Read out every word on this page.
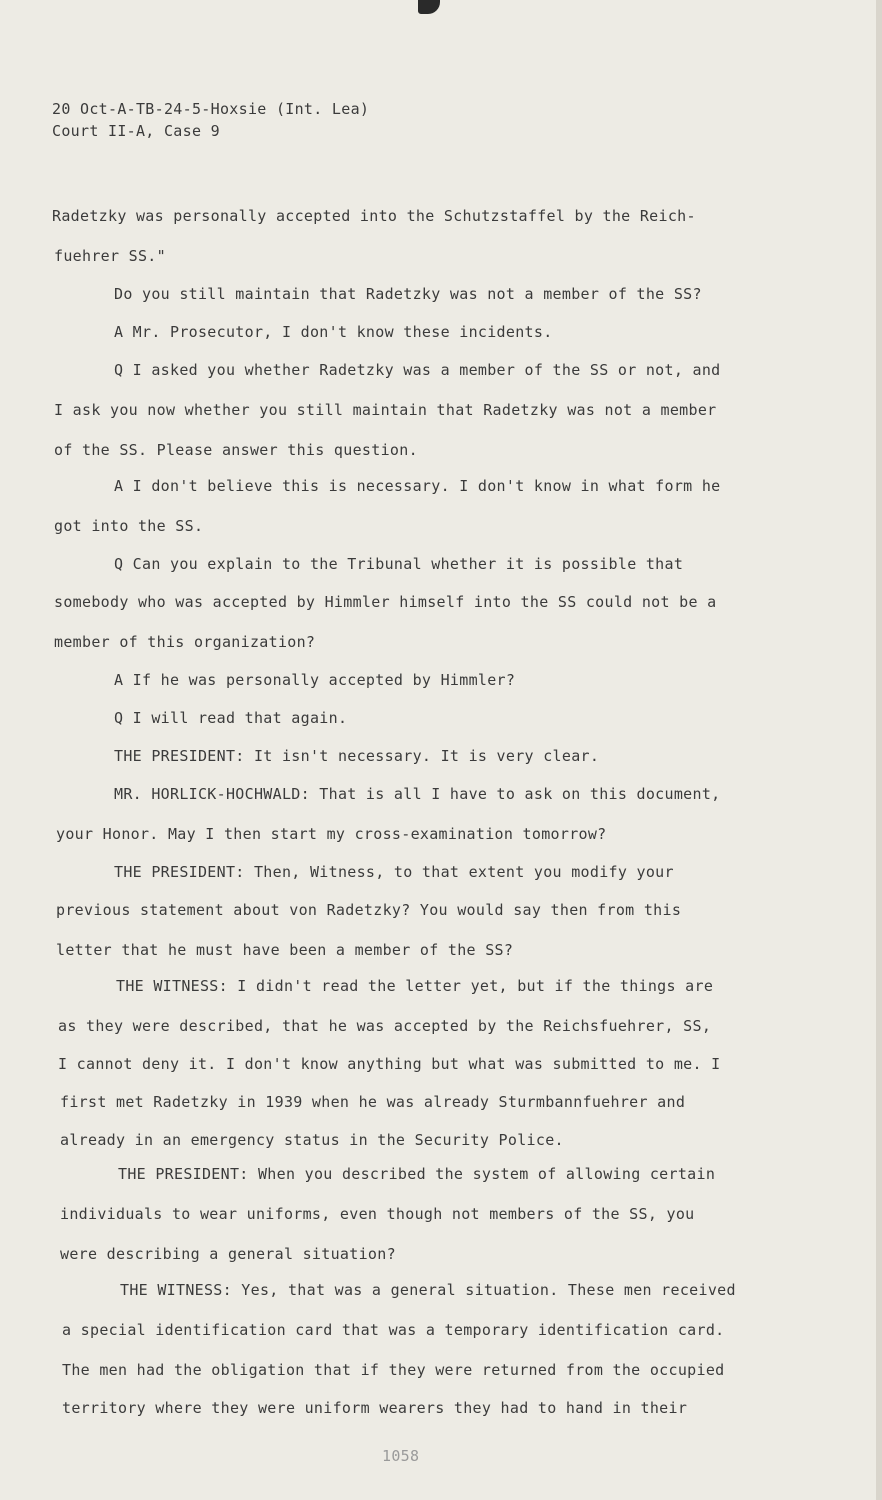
20 Oct-A-TB-24-5-Hoxsie (Int. Lea)
Court II-A, Case 9
Radetzky was personally accepted into the Schutzstaffel by the Reich-
fuehrer SS."
Do you still maintain that Radetzky was not a member of the SS?
A Mr. Prosecutor, I don't know these incidents.
Q I asked you whether Radetzky was a member of the SS or not, and
I ask you now whether you still maintain that Radetzky was not a member
of the SS. Please answer this question.
A I don't believe this is necessary. I don't know in what form he
got into the SS.
Q Can you explain to the Tribunal whether it is possible that
somebody who was accepted by Himmler himself into the SS could not be a
member of this organization?
A If he was personally accepted by Himmler?
Q I will read that again.
THE PRESIDENT: It isn't necessary. It is very clear.
MR. HORLICK-HOCHWALD: That is all I have to ask on this document,
your Honor. May I then start my cross-examination tomorrow?
THE PRESIDENT: Then, Witness, to that extent you modify your
previous statement about von Radetzky? You would say then from this
letter that he must have been a member of the SS?
THE WITNESS: I didn't read the letter yet, but if the things are
as they were described, that he was accepted by the Reichsfuehrer, SS,
I cannot deny it. I don't know anything but what was submitted to me. I
first met Radetzky in 1939 when he was already Sturmbannfuehrer and
already in an emergency status in the Security Police.
THE PRESIDENT: When you described the system of allowing certain
individuals to wear uniforms, even though not members of the SS, you
were describing a general situation?
THE WITNESS: Yes, that was a general situation. These men received
a special identification card that was a temporary identification card.
The men had the obligation that if they were returned from the occupied
territory where they were uniform wearers they had to hand in their
1058
